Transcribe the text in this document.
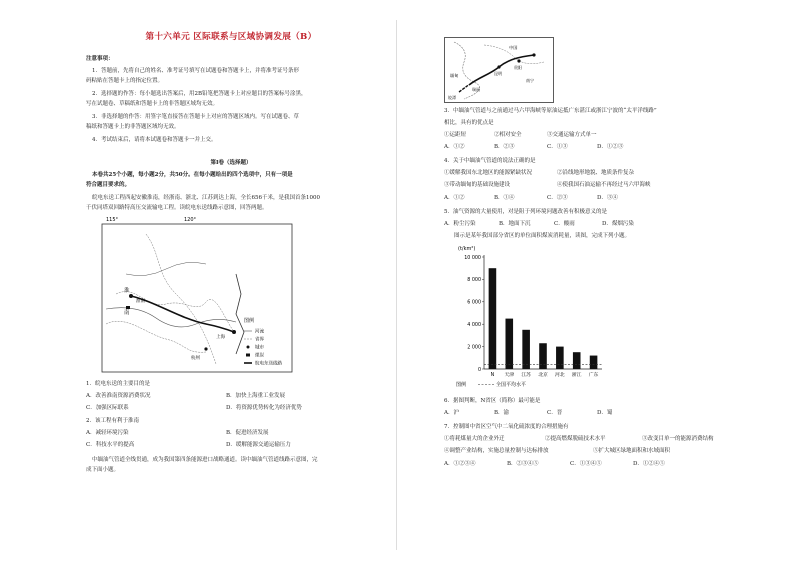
第十六单元 区际联系与区域协调发展（B）
注意事项：
1．答题前，先将自己的姓名、准考证号填写在试题卷和答题卡上，并将准考证号条形
码粘贴在答题卡上的指定位置。
2．选择题的作答：每小题选出答案后，用2B铅笔把答题卡上对应题目的答案标号涂黑，
写在试题卷、草稿纸和答题卡上的非答题区域均无效。
3．非选择题的作答：用签字笔直接答在答题卡上对应的答题区域内。写在试题卷、草
稿纸和答题卡上的非答题区域均无效。
4．考试结束后，请将本试题卷和答题卡一并上交。
第Ⅰ卷（选择题）
本卷共25个小题，每小题2分，共50分。在每小题给出的四个选项中，只有一项是
符合题目要求的。
皖电东送工程西起安徽淮南，经浙南、浙北、江苏到达上海，全长656千米，是我国首条1000
千伏同塔双回路特高压交流输电工程。读皖电东送线路示意图，回答两题。
115°	120°
淮
南
淮南
上海
杭州
图例
河流
省界
城市
煤炭
皖电东送线路
1．皖电东送的主要目的是
A．改善淮南资源消费状况	B．加快上海重工业发展
C．加强区际联系	D．将资源优势转化为经济优势
2．该工程有利于淮南
A．减轻环境污染	B．促进经济发展
C．科技水平的提高	D．缓解能源交通运输压力
中缅油气管道全线贯通，成为我国第四条能源进口战略通道。读中缅油气管道线路示意图，完
成下面小题。
中国
缅甸	昆明
贵阳
南宁
瑞丽
皎漂
3．中缅油气管道与之前通过马六甲海峡等原油运抵广东湛江或浙江宁波的“太平洋线路”
相比，具有的优点是
①运距短	②相对安全	③交通运输方式单一
A．①②	B．②③	C．①③	D．①②③
4．关于中缅油气管道的说法正确的是
①缓解我国东北地区的能源紧缺状况	②沿线地形地貌、地质条件复杂
③带动缅甸的基础设施建设	④使我国石油运输不再经过马六甲海峡
A．①②	B．①④	C．②③	D．③④
5．油气资源的大量使用，对是阻于列环境问题改善有积极意义的是
A．粉尘污染	B．地面下沉	C．酸雨	D．煤烟污染
图示是某年我国部分省区的单位面积煤炭消耗量，读图，完成下列小题。
(t/km²)
0
2 000
4 000
6 000
8 000
10 000
N 天津 江苏 北京 河北 浙江 广东
图例	全国平均水平
6．据图判断，N省区（简称）最可能是
A．沪	B．渝	C．晋	D．蜀
7．控制图中省区空气中二氧化硫浓度的合理措施有
①将耗煤量大的企业外迁	②提高燃煤脱硫技术水平	③改变目单一的能源消费结构
④调整产业结构，实施总量控制与达标排放	⑤扩大城区绿地面积和水域面积
A．①②③④	B．②③④⑤	C．①③④⑤	D．①②④⑤
